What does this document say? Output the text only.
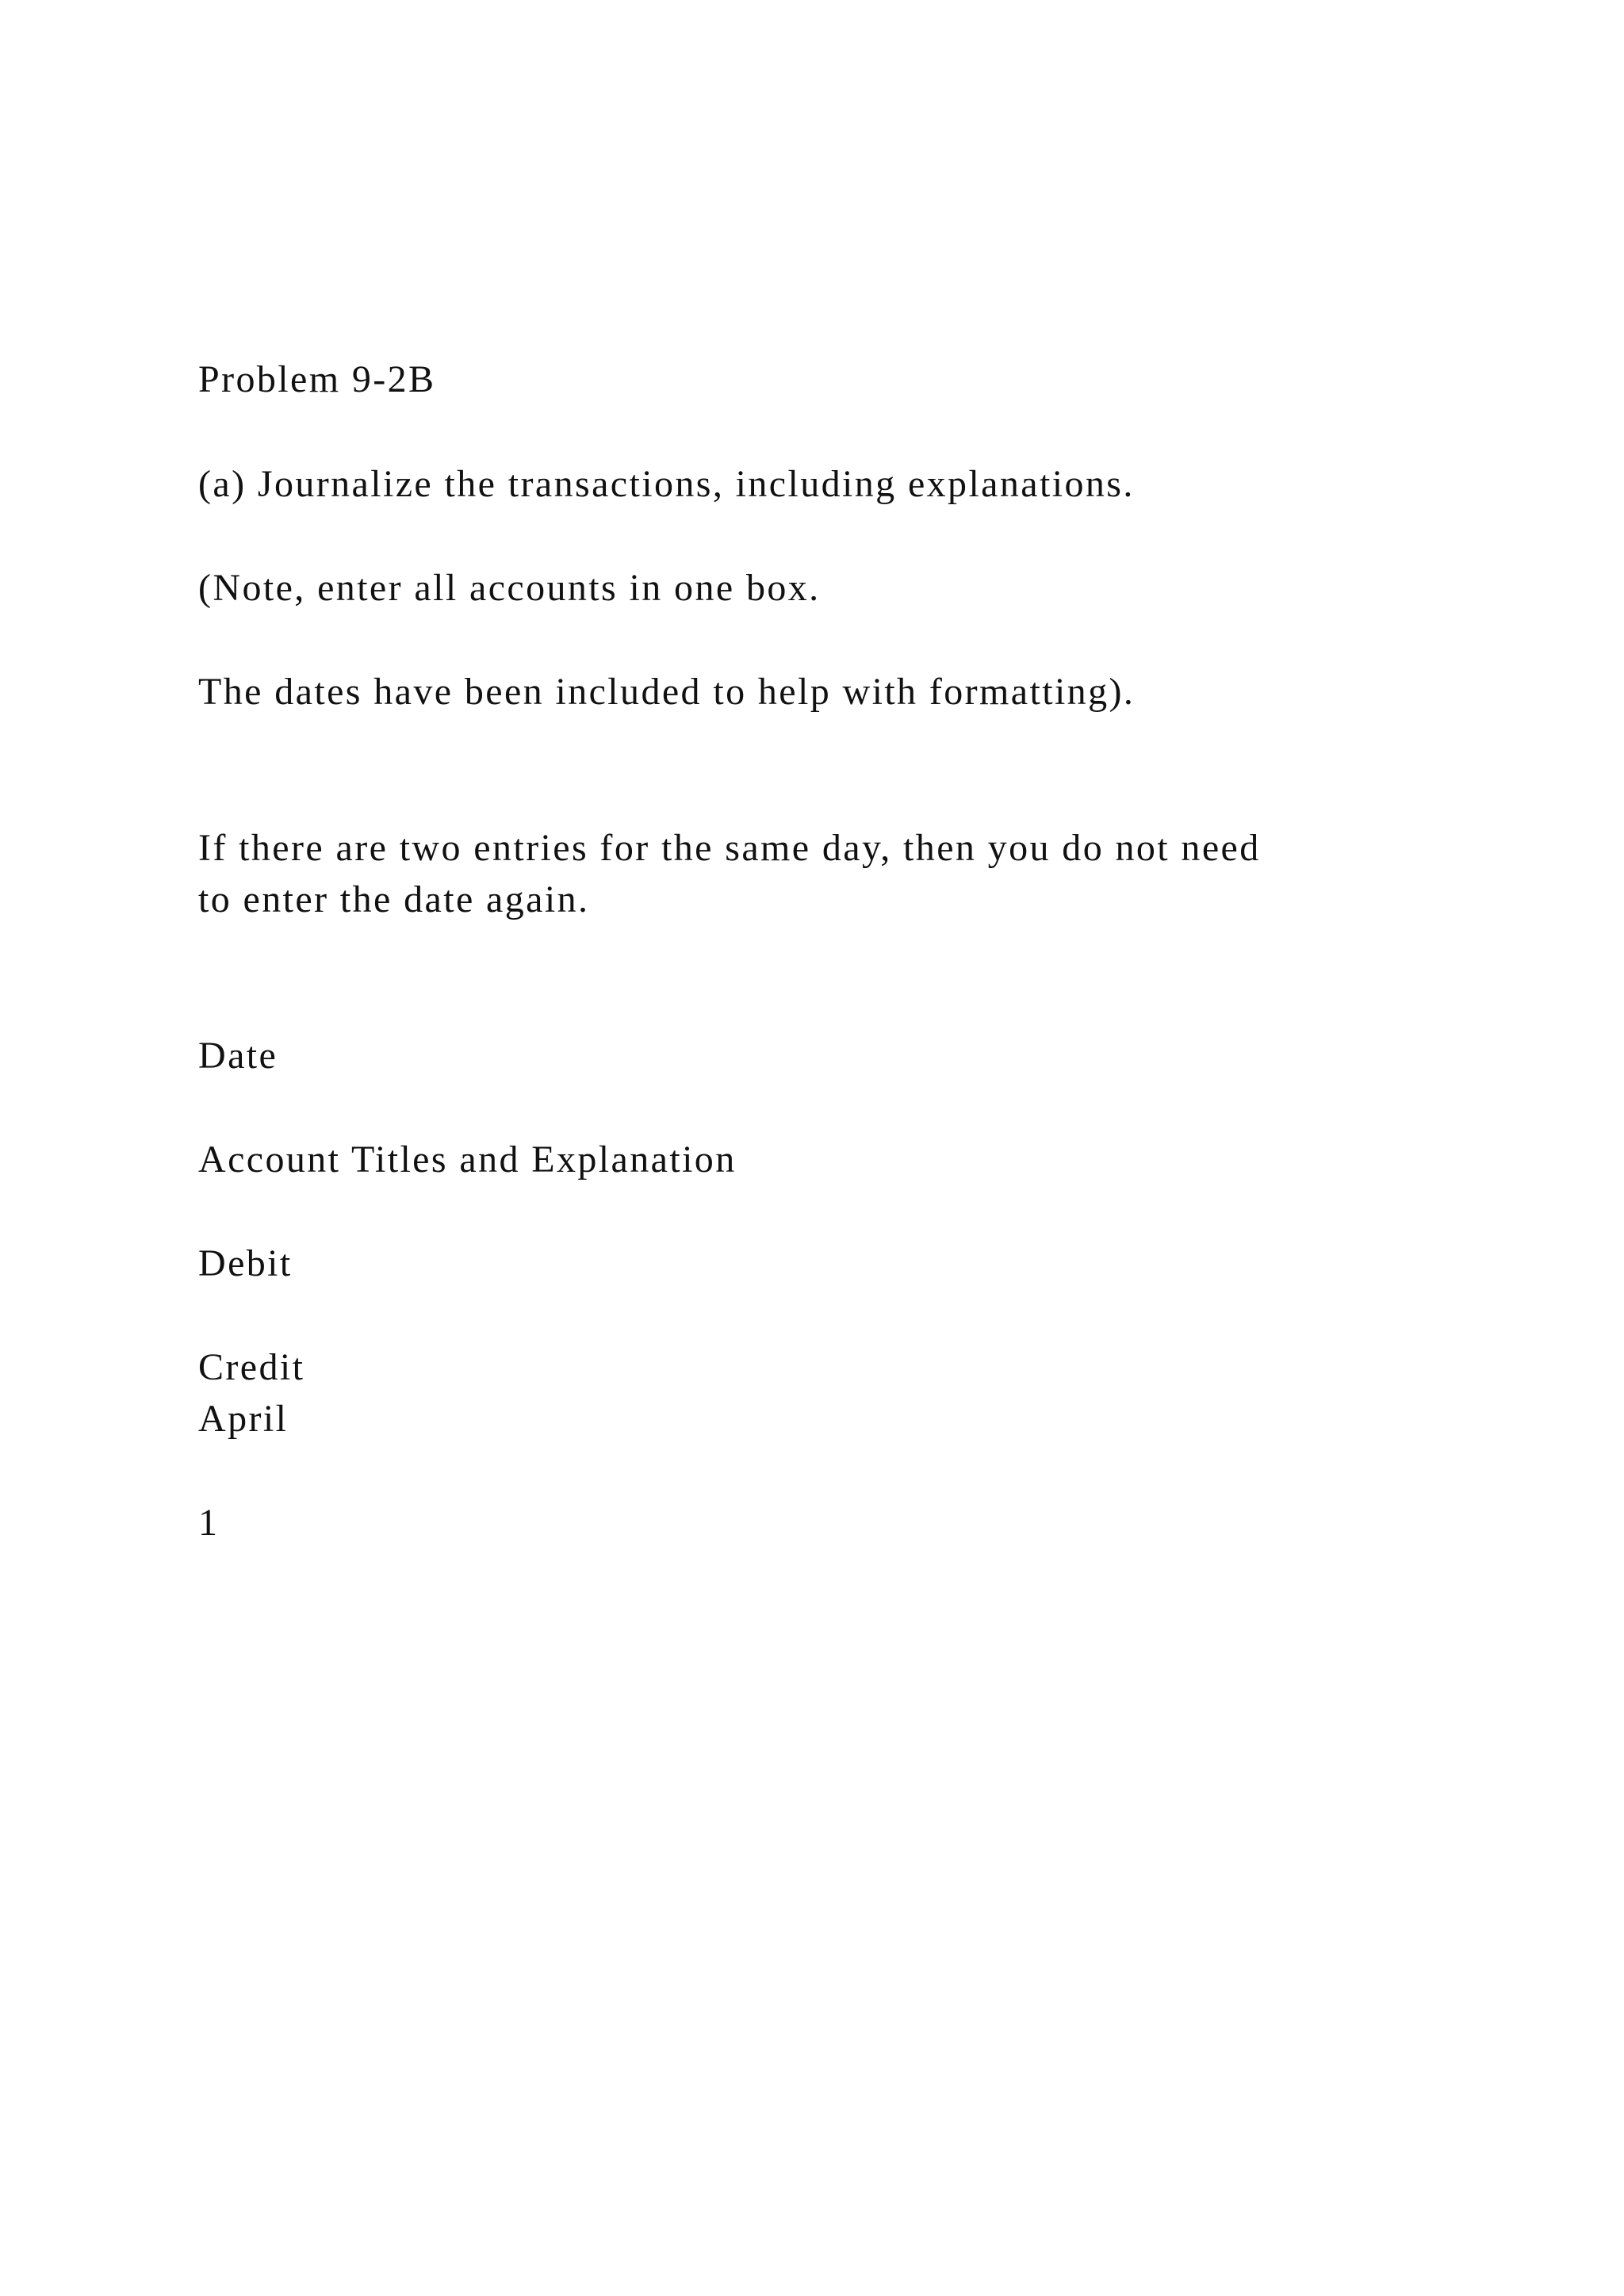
Problem 9-2B

(a) Journalize the transactions, including explanations.

(Note, enter all accounts in one box.

The dates have been included to help with formatting).

If there are two entries for the same day, then you do not need

to enter the date again.

Date

Account Titles and Explanation

Debit

Credit

April

1
